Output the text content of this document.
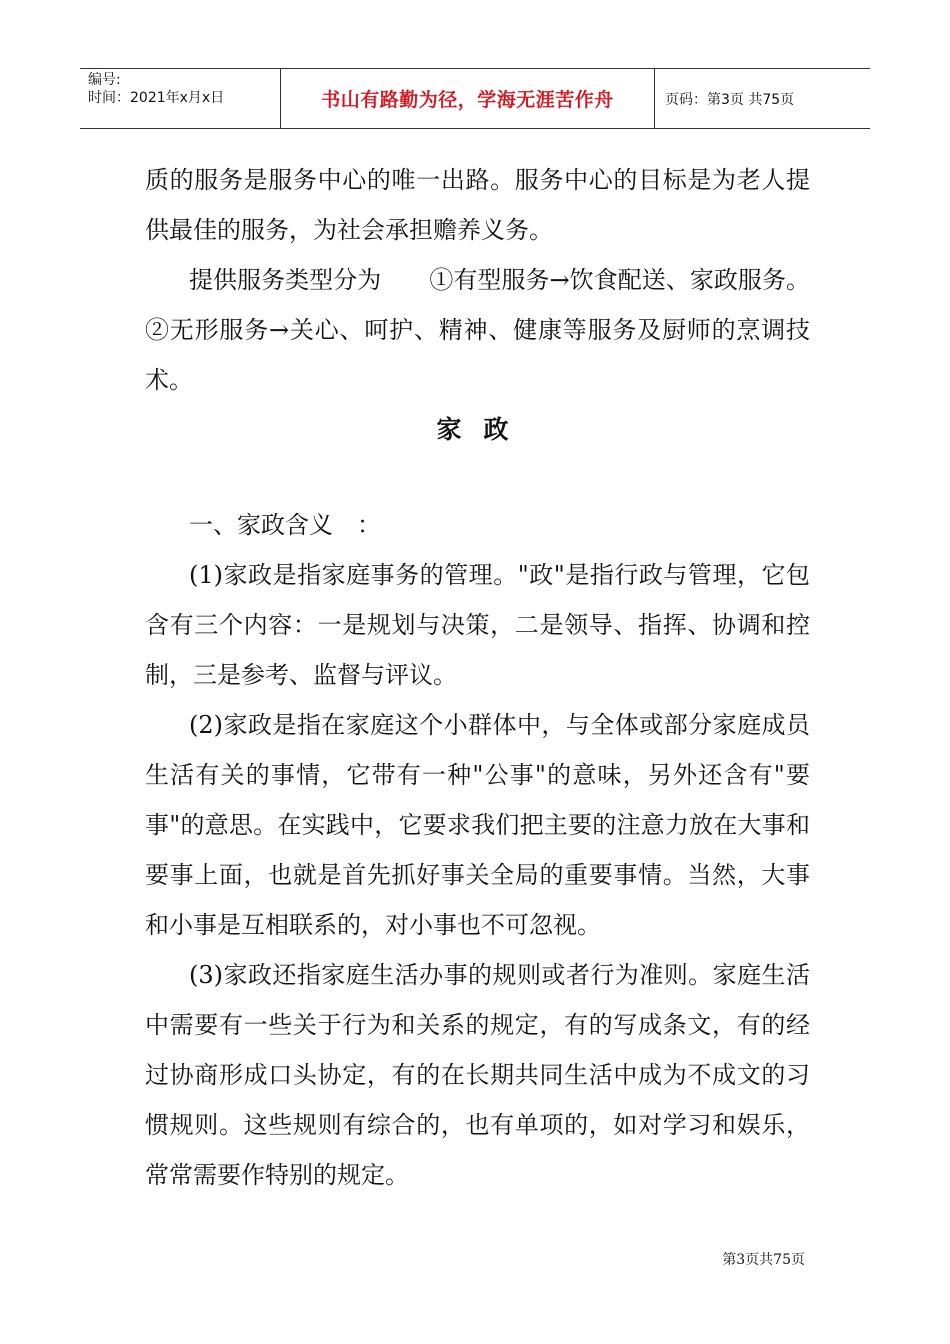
编号:
时间：2021年x月x日	书山有路勤为径，学海无涯苦作舟	页码：第3页 共75页

质的服务是服务中心的唯一出路。服务中心的目标是为老人提供最佳的服务，为社会承担赡养义务。

提供服务类型分为　　①有型服务→饮食配送、家政服务。②无形服务→关心、呵护、精神、健康等服务及厨师的烹调技术。

家政

一、家政含义　：

(1)家政是指家庭事务的管理。"政"是指行政与管理，它包含有三个内容：一是规划与决策，二是领导、指挥、协调和控制，三是参考、监督与评议。

(2)家政是指在家庭这个小群体中，与全体或部分家庭成员生活有关的事情，它带有一种"公事"的意味，另外还含有"要事"的意思。在实践中，它要求我们把主要的注意力放在大事和要事上面，也就是首先抓好事关全局的重要事情。当然，大事和小事是互相联系的，对小事也不可忽视。

(3)家政还指家庭生活办事的规则或者行为准则。家庭生活中需要有一些关于行为和关系的规定，有的写成条文，有的经过协商形成口头协定，有的在长期共同生活中成为不成文的习惯规则。这些规则有综合的，也有单项的，如对学习和娱乐，常常需要作特别的规定。

第3页共75页
